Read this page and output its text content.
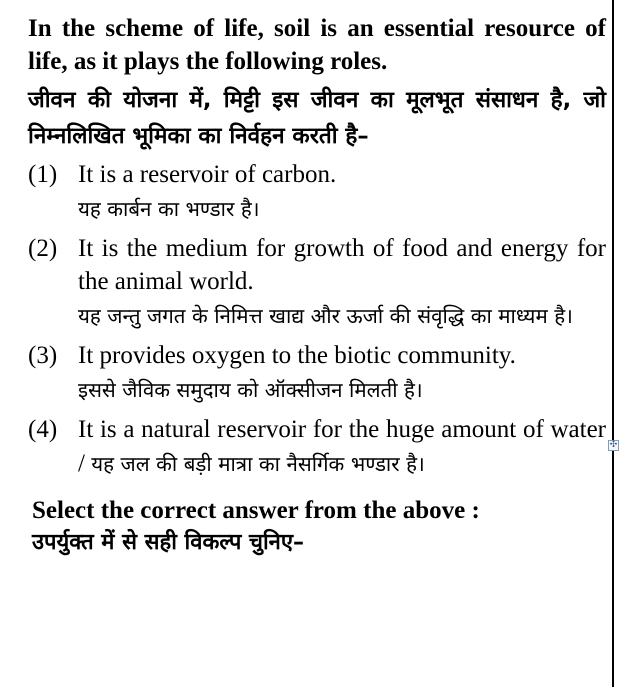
✣

In the scheme of life, soil is an essential resource of life, as it plays the following roles.

जीवन की योजना में, मिट्टी इस जीवन का मूलभूत संसाधन है, जो निम्नलिखित भूमिका का निर्वहन करती है–

(1) It is a reservoir of carbon.

यह कार्बन का भण्डार है।

(2) It is the medium for growth of food and energy for the animal world.

यह जन्तु जगत के निमित्त खाद्य और ऊर्जा की संवृद्धि का माध्यम है।

(3) It provides oxygen to the biotic community.

इससे जैविक समुदाय को ऑक्सीजन मिलती है।

(4) It is a natural reservoir for the huge amount of water / यह जल की बड़ी मात्रा का नैसर्गिक भण्डार है।

Select the correct answer from the above :

उपर्युक्त में से सही विकल्प चुनिए–
